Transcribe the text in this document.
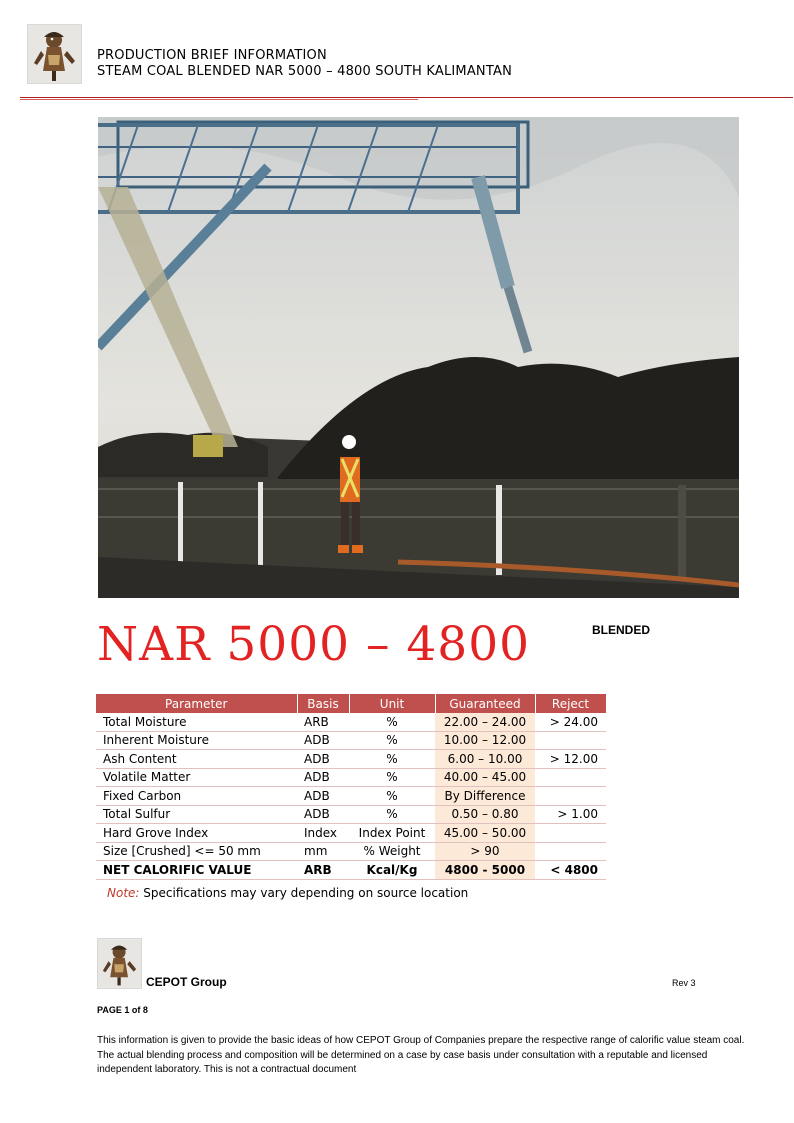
PRODUCTION BRIEF INFORMATION
STEAM COAL BLENDED NAR 5000 – 4800 SOUTH KALIMANTAN
NAR 5000 – 4800	BLENDED
Parameter	Basis	Unit	Guaranteed	Reject
Total Moisture	ARB	%	22.00 – 24.00	> 24.00
Inherent Moisture	ADB	%	10.00 – 12.00	
Ash Content	ADB	%	6.00 – 10.00	> 12.00
Volatile Matter	ADB	%	40.00 – 45.00	
Fixed Carbon	ADB	%	By Difference	
Total Sulfur	ADB	%	0.50 – 0.80	> 1.00
Hard Grove Index	Index	Index Point	45.00 – 50.00	
Size [Crushed] <= 50 mm	mm	% Weight	> 90	
NET CALORIFIC VALUE	ARB	Kcal/Kg	4800 - 5000	< 4800
Note: Specifications may vary depending on source location
CEPOT Group	Rev 3
PAGE 1 of 8
This information is given to provide the basic ideas of how CEPOT Group of Companies prepare the respective range of calorific value steam coal. The actual blending process and composition will be determined on a case by case basis under consultation with a reputable and licensed independent laboratory. This is not a contractual document
